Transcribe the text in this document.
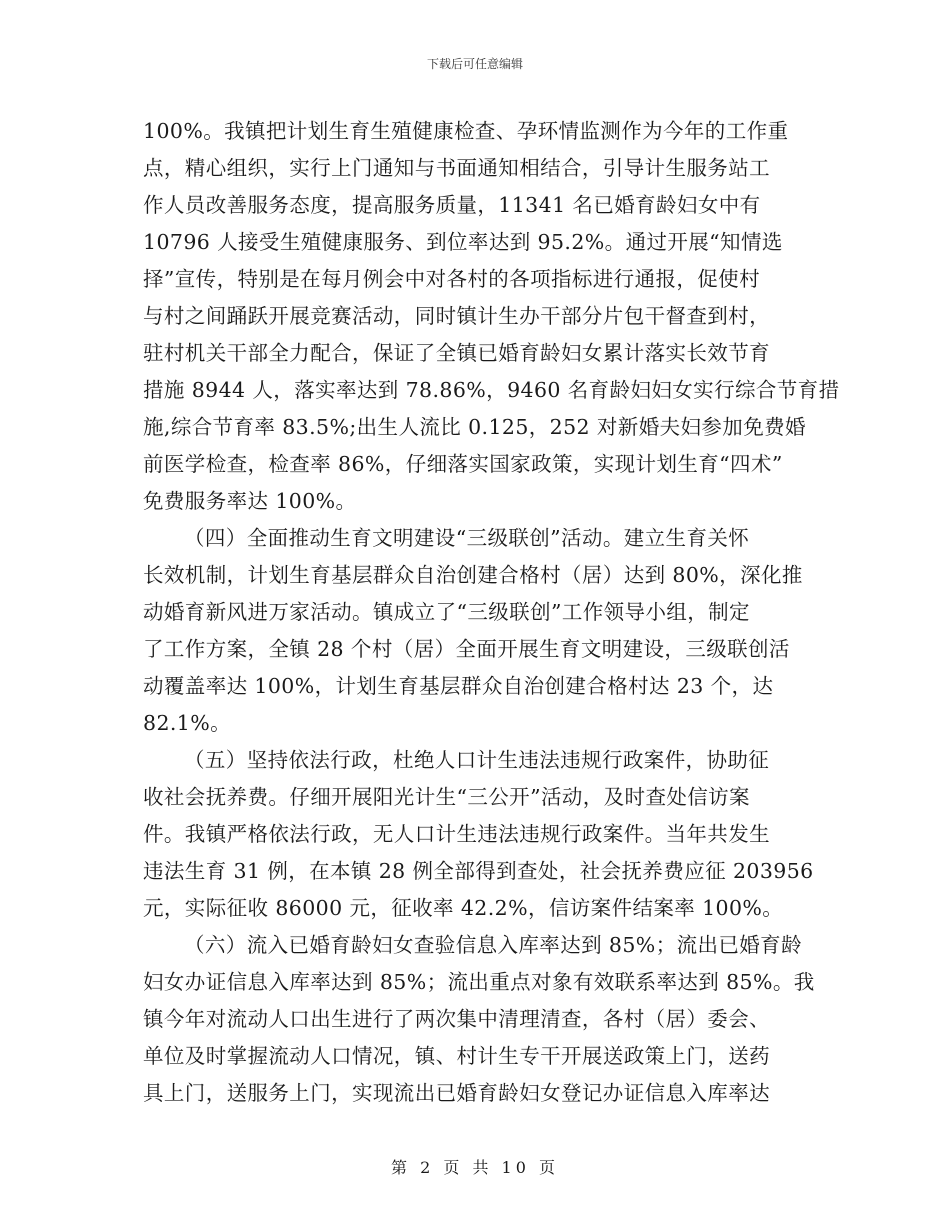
下载后可任意编辑
100%。我镇把计划生育生殖健康检查、孕环情监测作为今年的工作重
点，精心组织，实行上门通知与书面通知相结合，引导计生服务站工
作人员改善服务态度，提高服务质量，11341 名已婚育龄妇女中有
10796 人接受生殖健康服务、到位率达到 95.2%。通过开展“知情选
择”宣传，特别是在每月例会中对各村的各项指标进行通报，促使村
与村之间踊跃开展竞赛活动，同时镇计生办干部分片包干督查到村，
驻村机关干部全力配合，保证了全镇已婚育龄妇女累计落实长效节育
措施 8944 人，落实率达到 78.86%，9460 名育龄妇妇女实行综合节育措
施,综合节育率 83.5%;出生人流比 0.125，252 对新婚夫妇参加免费婚
前医学检查，检查率 86%，仔细落实国家政策，实现计划生育“四术”
免费服务率达 100%。
（四）全面推动生育文明建设“三级联创”活动。建立生育关怀
长效机制，计划生育基层群众自治创建合格村（居）达到 80%，深化推
动婚育新风进万家活动。镇成立了“三级联创”工作领导小组，制定
了工作方案，全镇 28 个村（居）全面开展生育文明建设，三级联创活
动覆盖率达 100%，计划生育基层群众自治创建合格村达 23 个，达
82.1%。
（五）坚持依法行政，杜绝人口计生违法违规行政案件，协助征
收社会抚养费。仔细开展阳光计生“三公开”活动，及时查处信访案
件。我镇严格依法行政，无人口计生违法违规行政案件。当年共发生
违法生育 31 例，在本镇 28 例全部得到查处，社会抚养费应征 203956
元，实际征收 86000 元，征收率 42.2%，信访案件结案率 100%。
（六）流入已婚育龄妇女查验信息入库率达到 85%；流出已婚育龄
妇女办证信息入库率达到 85%；流出重点对象有效联系率达到 85%。我
镇今年对流动人口出生进行了两次集中清理清查，各村（居）委会、
单位及时掌握流动人口情况，镇、村计生专干开展送政策上门，送药
具上门，送服务上门，实现流出已婚育龄妇女登记办证信息入库率达
第 2 页 共 10 页
